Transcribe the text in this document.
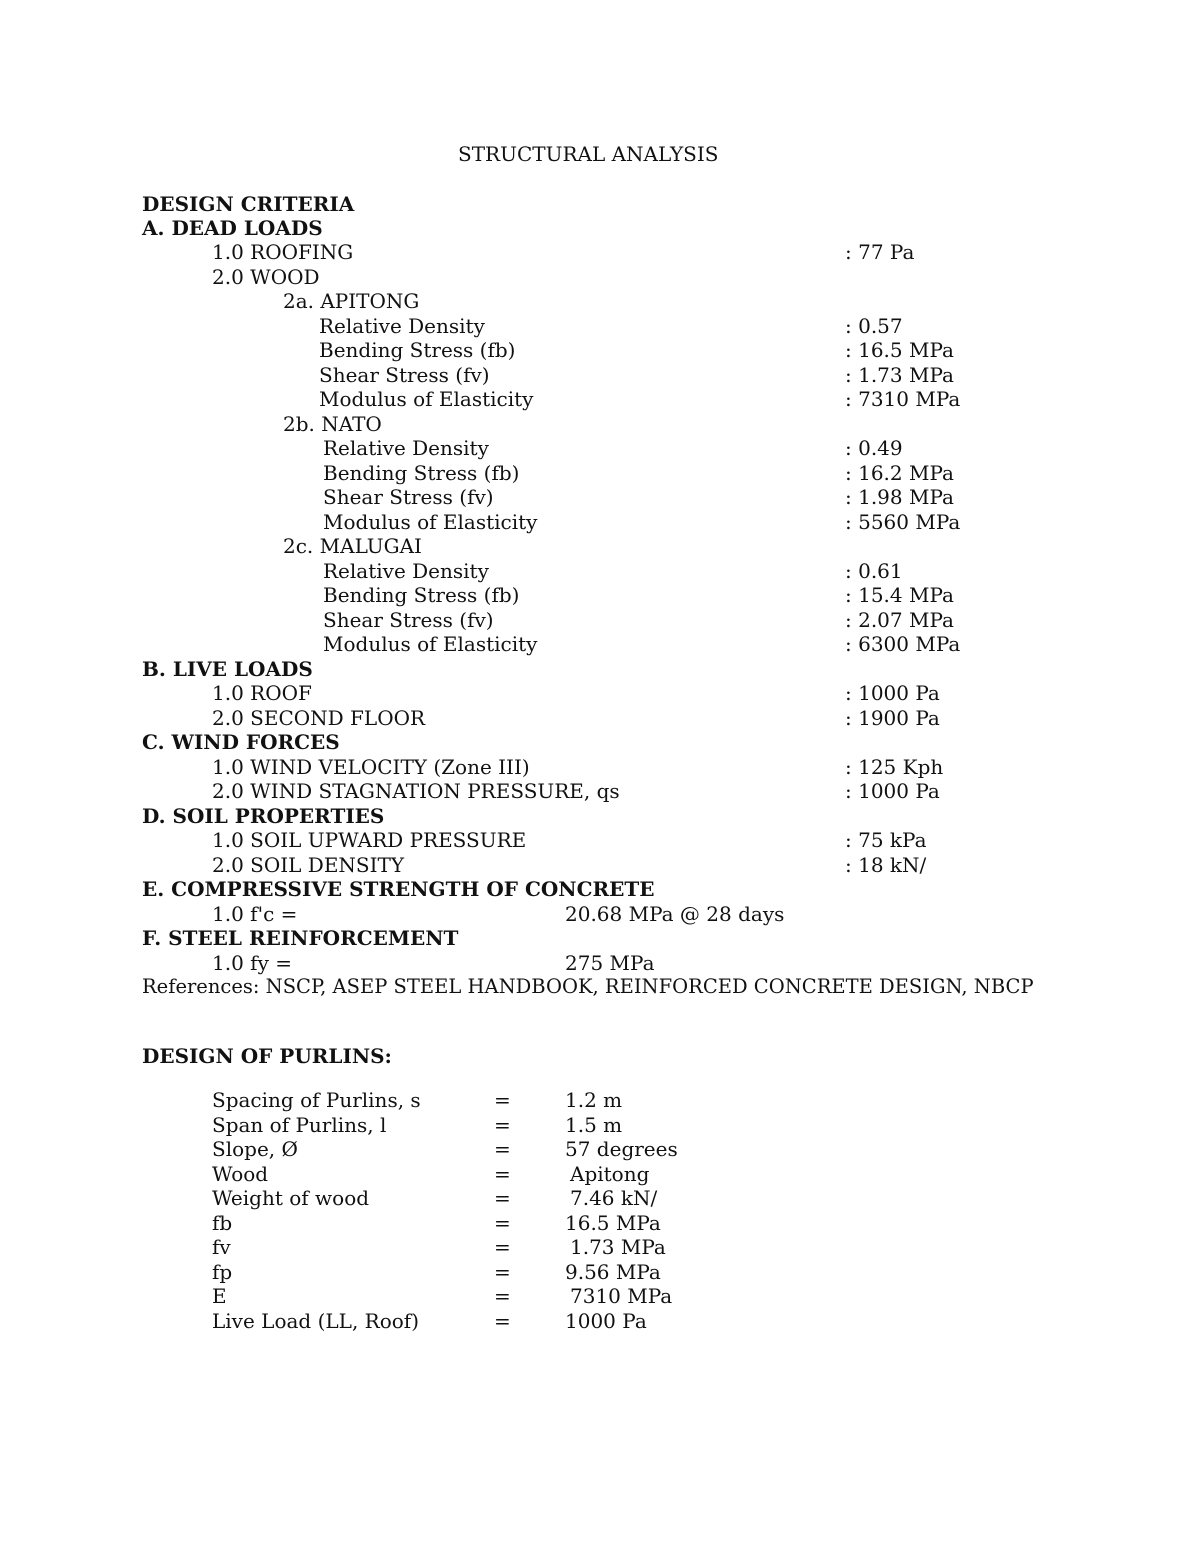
STRUCTURAL ANALYSIS
DESIGN CRITERIA
A. DEAD LOADS
1.0 ROOFING	: 77 Pa
2.0 WOOD
2a. APITONG
Relative Density	: 0.57
Bending Stress (fb)	: 16.5 MPa
Shear Stress (fv)	: 1.73 MPa
Modulus of Elasticity	: 7310 MPa
2b. NATO
Relative Density	: 0.49
Bending Stress (fb)	: 16.2 MPa
Shear Stress (fv)	: 1.98 MPa
Modulus of Elasticity	: 5560 MPa
2c. MALUGAI
Relative Density	: 0.61
Bending Stress (fb)	: 15.4 MPa
Shear Stress (fv)	: 2.07 MPa
Modulus of Elasticity	: 6300 MPa
B. LIVE LOADS
1.0 ROOF	: 1000 Pa
2.0 SECOND FLOOR	: 1900 Pa
C. WIND FORCES
1.0 WIND VELOCITY (Zone III)	: 125 Kph
2.0 WIND STAGNATION PRESSURE, qs	: 1000 Pa
D. SOIL PROPERTIES
1.0 SOIL UPWARD PRESSURE	: 75 kPa
2.0 SOIL DENSITY	: 18 kN/
E. COMPRESSIVE STRENGTH OF CONCRETE
1.0 f'c =	20.68 MPa @ 28 days
F. STEEL REINFORCEMENT
1.0 fy =	275 MPa
References: NSCP, ASEP STEEL HANDBOOK, REINFORCED CONCRETE DESIGN, NBCP
DESIGN OF PURLINS:
Spacing of Purlins, s	=	1.2 m
Span of Purlins, l	=	1.5 m
Slope, Ø	=	57 degrees
Wood	=	Apitong
Weight of wood	=	7.46 kN/
fb	=	16.5 MPa
fv	=	1.73 MPa
fp	=	9.56 MPa
E	=	7310 MPa
Live Load (LL, Roof)	=	1000 Pa
